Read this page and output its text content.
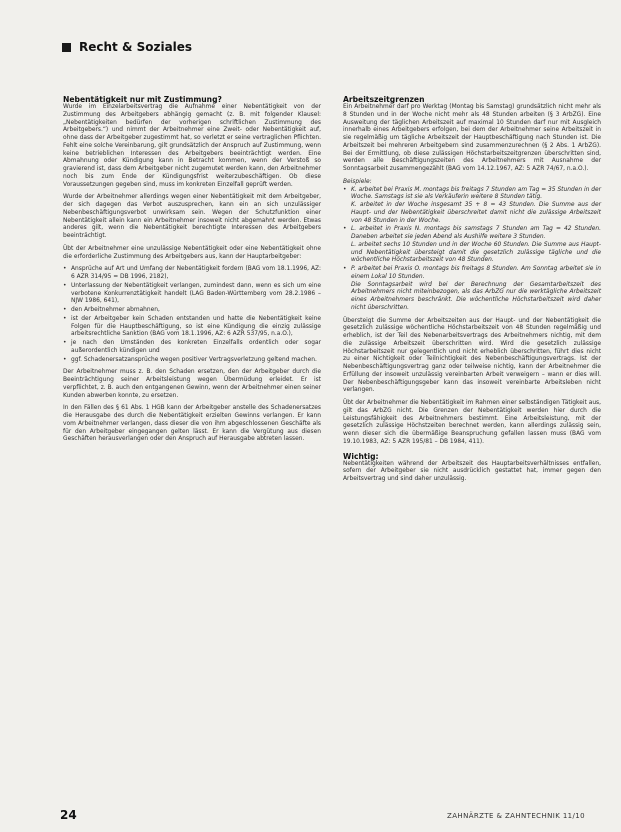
Recht & Soziales
Nebentätigkeit nur mit Zustimmung?

Wurde im Einzelarbeitsvertrag die Aufnahme einer Nebentätigkeit von der Zustimmung des Arbeitgebers abhängig gemacht (z. B. mit folgender Klausel: „Nebentätigkeiten bedürfen der vorherigen schriftlichen Zustimmung des Arbeitgebers.“) und nimmt der Arbeitnehmer eine Zweit- oder Nebentätigkeit auf, ohne dass der Arbeitgeber zugestimmt hat, so verletzt er seine vertraglichen Pflichten. Fehlt eine solche Vereinbarung, gilt grundsätzlich der Anspruch auf Zustimmung, wenn keine betrieblichen Interessen des Arbeitgebers beeinträchtigt werden. Eine Abmahnung oder Kündigung kann in Betracht kommen, wenn der Verstoß so gravierend ist, dass dem Arbeitgeber nicht zugemutet werden kann, den Arbeitnehmer noch bis zum Ende der Kündigungsfrist weiterzubeschäftigen. Ob diese Voraussetzungen gegeben sind, muss im konkreten Einzelfall geprüft werden.

Wurde der Arbeitnehmer allerdings wegen einer Nebentätigkeit mit dem Arbeitgeber, der sich dagegen das Verbot auszusprechen, kann ein an sich unzulässiger Nebenbeschäftigungsverbot unwirksam sein. Wegen der Schutzfunktion einer Nebentätigkeit allein kann ein Arbeitnehmer insoweit nicht abgemahnt werden. Etwas anderes gilt, wenn die Nebentätigkeit berechtigte Interessen des Arbeitgebers beeinträchtigt.

Übt der Arbeitnehmer eine unzulässige Nebentätigkeit oder eine Nebentätigkeit ohne die erforderliche Zustimmung des Arbeitgebers aus, kann der Hauptarbeitgeber:

• Ansprüche auf Art und Umfang der Nebentätigkeit fordern (BAG vom 18.1.1996, AZ: 6 AZR 314/95 = DB 1996, 2182),
• Unterlassung der Nebentätigkeit verlangen, zumindest dann, wenn es sich um eine verbotene Konkurrenztätigkeit handelt (LAG Baden-Württemberg vom 28.2.1986 – NJW 1986, 641),
• den Arbeitnehmer abmahnen,
• ist der Arbeitgeber kein Schaden entstanden und hatte die Nebentätigkeit keine Folgen für die Hauptbeschäftigung, so ist eine Kündigung die einzig zulässige arbeitsrechtliche Sanktion (BAG vom 18.1.1996, AZ: 6 AZR 537/95, n.a.O.),
• je nach den Umständen des konkreten Einzelfalls ordentlich oder sogar außerordentlich kündigen und
• ggf. Schadenersatzansprüche wegen positiver Vertragsverletzung geltend machen.

Der Arbeitnehmer muss z. B. den Schaden ersetzen, den der Arbeitgeber durch die Beeinträchtigung seiner Arbeitsleistung wegen Übermüdung erleidet. Er ist verpflichtet, z. B. auch den entgangenen Gewinn, wenn der Arbeitnehmer einen seiner Kunden abwerben konnte, zu ersetzen.

In den Fällen des § 61 Abs. 1 HGB kann der Arbeitgeber anstelle des Schadenersatzes die Herausgabe des durch die Nebentätigkeit erzielten Gewinns verlangen. Er kann vom Arbeitnehmer verlangen, dass dieser die von ihm abgeschlossenen Geschäfte als für den Arbeitgeber eingegangen gelten lässt. Er kann die Vergütung aus diesen Geschäften herausverlangen oder den Anspruch auf Herausgabe abtreten lassen.

Arbeitszeitgrenzen

Ein Arbeitnehmer darf pro Werktag (Montag bis Samstag) grundsätzlich nicht mehr als 8 Stunden und in der Woche nicht mehr als 48 Stunden arbeiten (§ 3 ArbZG). Eine Ausweitung der täglichen Arbeitszeit auf maximal 10 Stunden darf nur mit Ausgleich innerhalb eines Arbeitgebers erfolgen, bei dem der Arbeitnehmer seine Arbeitszeit in sie regelmäßig um tägliche Arbeitszeit der Hauptbeschäftigung nach Stunden ist. Die Arbeitszeit bei mehreren Arbeitgebern sind zusammenzurechnen (§ 2 Abs. 1 ArbZG). Bei der Ermittlung, ob diese zulässigen Höchstarbeitszeitgrenzen überschritten sind, werden alle Beschäftigungszeiten des Arbeitnehmers mit Ausnahme der Sonntagsarbeit zusammengezählt (BAG vom 14.12.1967, AZ: 5 AZR 74/67, n.a.O.).

Beispiele:
• K. arbeitet bei Praxis M. montags bis freitags 7 Stunden am Tag = 35 Stunden in der Woche. Samstags ist sie als Verkäuferin weitere 8 Stunden tätig.
K. arbeitet in der Woche insgesamt 35 + 8 = 43 Stunden. Die Summe aus der Haupt- und der Nebentätigkeit überschreitet damit nicht die zulässige Arbeitszeit von 48 Stunden in der Woche.
• L. arbeitet in Praxis N. montags bis samstags 7 Stunden am Tag = 42 Stunden. Daneben arbeitet sie jeden Abend als Aushilfe weitere 3 Stunden.
L. arbeitet sechs 10 Stunden und in der Woche 60 Stunden. Die Summe aus Haupt- und Nebentätigkeit übersteigt damit die gesetzlich zulässige tägliche und die wöchentliche Höchstarbeitszeit von 48 Stunden.
• P. arbeitet bei Praxis O. montags bis freitags 8 Stunden. Am Sonntag arbeitet sie in einem Lokal 10 Stunden.
Die Sonntagsarbeit wird bei der Berechnung der Gesamtarbeitszeit des Arbeitnehmers nicht miteinbezogen, als das ArbZG nur die werktägliche Arbeitszeit eines Arbeitnehmers beschränkt. Die wöchentliche Höchstarbeitszeit wird daher nicht überschritten.

Übersteigt die Summe der Arbeitszeiten aus der Haupt- und der Nebentätigkeit die gesetzlich zulässige wöchentliche Höchstarbeitszeit von 48 Stunden regelmäßig und erheblich, ist der Teil des Nebenarbeitsvertrags des Arbeitnehmers nichtig, mit dem die zulässige Arbeitszeit überschritten wird. Wird die gesetzlich zulässige Höchstarbeitszeit nur gelegentlich und nicht erheblich überschritten, führt dies nicht zu einer Nichtigkeit oder Teilnichtigkeit des Nebenbeschäftigungsvertrags. Ist der Nebenbeschäftigungsvertrag ganz oder teilweise nichtig, kann der Arbeitnehmer die Erfüllung der insoweit unzulässig vereinbarten Arbeit verweigern – wann er dies will. Der Nebenbeschäftigungsgeber kann das insoweit vereinbarte Arbeitsleben nicht verlangen.

Übt der Arbeitnehmer die Nebentätigkeit im Rahmen einer selbständigen Tätigkeit aus, gilt das ArbZG nicht. Die Grenzen der Nebentätigkeit werden hier durch die Leistungsfähigkeit des Arbeitnehmers bestimmt. Eine Arbeitsleistung, mit der gesetzlich zulässige Höchstzeiten berechnet werden, kann allerdings zulässig sein, wenn dieser sich die übermäßige Beanspruchung gefallen lassen muss (BAG vom 19.10.1983, AZ: 5 AZR 195/81 – DB 1984, 411).

Wichtig:

Nebentätigkeiten während der Arbeitszeit des Hauptarbeitsverhältnisses entfallen, sofern der Arbeitgeber sie nicht ausdrücklich gestattet hat, immer gegen den Arbeitsvertrag und sind daher unzulässig.

24	ZAHNÄRZTE & ZAHNTECHNIK 11/10
